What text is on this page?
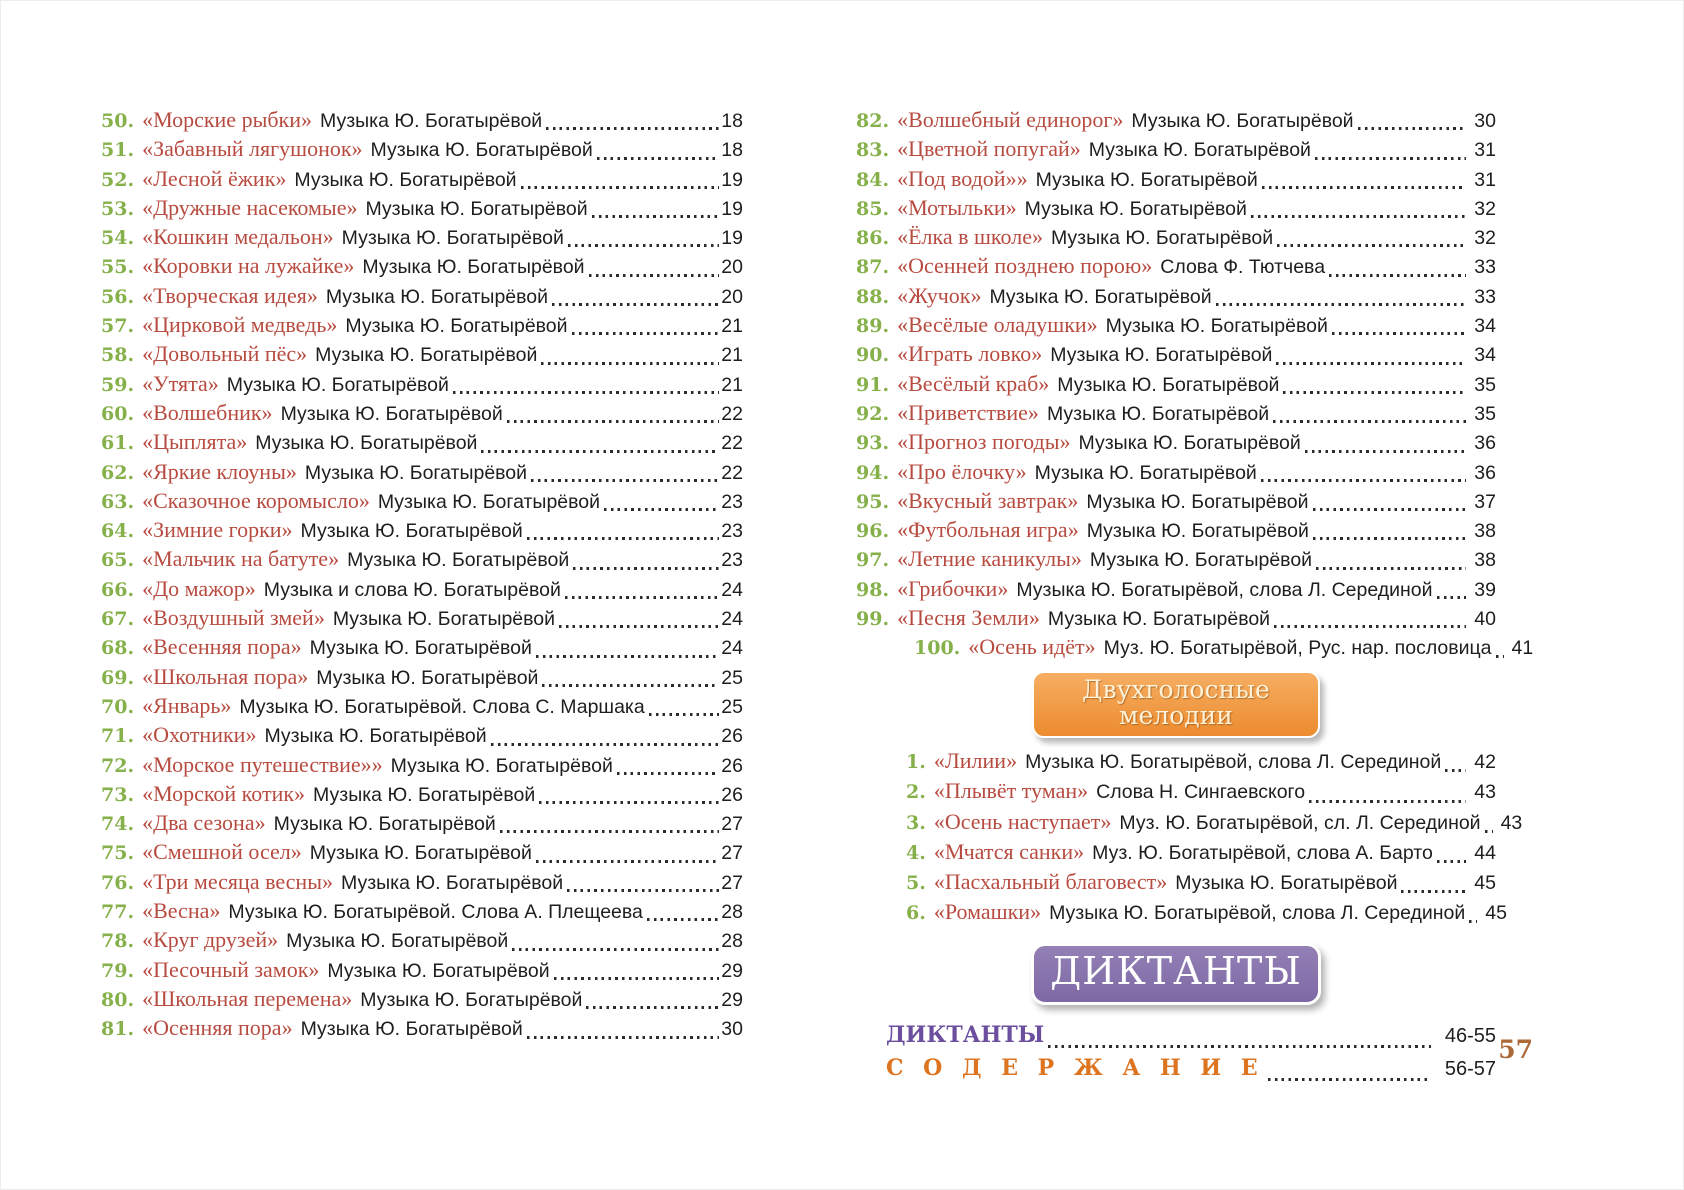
50. «Морские рыбки» Музыка Ю. Богатырёвой	18
51. «Забавный лягушонок» Музыка Ю. Богатырёвой	18
52. «Лесной ёжик» Музыка Ю. Богатырёвой	19
53. «Дружные насекомые» Музыка Ю. Богатырёвой	19
54. «Кошкин медальон» Музыка Ю. Богатырёвой	19
55. «Коровки на лужайке» Музыка Ю. Богатырёвой	20
56. «Творческая идея» Музыка Ю. Богатырёвой	20
57. «Цирковой медведь» Музыка Ю. Богатырёвой	21
58. «Довольный пёс» Музыка Ю. Богатырёвой	21
59. «Утята» Музыка Ю. Богатырёвой	21
60. «Волшебник» Музыка Ю. Богатырёвой	22
61. «Цыплята» Музыка Ю. Богатырёвой	22
62. «Яркие клоуны» Музыка Ю. Богатырёвой	22
63. «Сказочное коромысло» Музыка Ю. Богатырёвой	23
64. «Зимние горки» Музыка Ю. Богатырёвой	23
65. «Мальчик на батуте» Музыка Ю. Богатырёвой	23
66. «До мажор» Музыка и слова Ю. Богатырёвой	24
67. «Воздушный змей» Музыка Ю. Богатырёвой	24
68. «Весенняя пора» Музыка Ю. Богатырёвой	24
69. «Школьная пора» Музыка Ю. Богатырёвой	25
70. «Январь» Музыка Ю. Богатырёвой. Слова С. Маршака	25
71. «Охотники» Музыка Ю. Богатырёвой	26
72. «Морское путешествие»» Музыка Ю. Богатырёвой	26
73. «Морской котик» Музыка Ю. Богатырёвой	26
74. «Два сезона» Музыка Ю. Богатырёвой	27
75. «Смешной осел» Музыка Ю. Богатырёвой	27
76. «Три месяца весны» Музыка Ю. Богатырёвой	27
77. «Весна» Музыка Ю. Богатырёвой. Слова А. Плещеева	28
78. «Круг друзей» Музыка Ю. Богатырёвой	28
79. «Песочный замок» Музыка Ю. Богатырёвой	29
80. «Школьная перемена» Музыка Ю. Богатырёвой	29
81. «Осенняя пора» Музыка Ю. Богатырёвой	30
82. «Волшебный единорог» Музыка Ю. Богатырёвой	30
83. «Цветной попугай» Музыка Ю. Богатырёвой	31
84. «Под водой»» Музыка Ю. Богатырёвой	31
85. «Мотыльки» Музыка Ю. Богатырёвой	32
86. «Ёлка в школе» Музыка Ю. Богатырёвой	32
87. «Осенней позднею порою» Слова Ф. Тютчева	33
88. «Жучок» Музыка Ю. Богатырёвой	33
89. «Весёлые оладушки» Музыка Ю. Богатырёвой	34
90. «Играть ловко» Музыка Ю. Богатырёвой	34
91. «Весёлый краб» Музыка Ю. Богатырёвой	35
92. «Приветствие» Музыка Ю. Богатырёвой	35
93. «Прогноз погоды» Музыка Ю. Богатырёвой	36
94. «Про ёлочку» Музыка Ю. Богатырёвой	36
95. «Вкусный завтрак» Музыка Ю. Богатырёвой	37
96. «Футбольная игра» Музыка Ю. Богатырёвой	38
97. «Летние каникулы» Музыка Ю. Богатырёвой	38
98. «Грибочки» Музыка Ю. Богатырёвой, слова Л. Серединой	39
99. «Песня Земли» Музыка Ю. Богатырёвой	40
100. «Осень идёт» Муз. Ю. Богатырёвой, Рус. нар. пословица	41
Двухголосные
мелодии
1. «Лилии» Музыка Ю. Богатырёвой, слова Л. Серединой	42
2. «Плывёт туман» Слова Н. Сингаевского	43
3. «Осень наступает» Муз. Ю. Богатырёвой, сл. Л. Серединой	43
4. «Мчатся санки» Муз. Ю. Богатырёвой, слова А. Барто	44
5. «Пасхальный благовест» Музыка Ю. Богатырёвой	45
6. «Ромашки» Музыка Ю. Богатырёвой, слова Л. Серединой	45
ДИКТАНТЫ
ДИКТАНТЫ	46-55
С О Д Е Р Ж А Н И Е	56-57
57
